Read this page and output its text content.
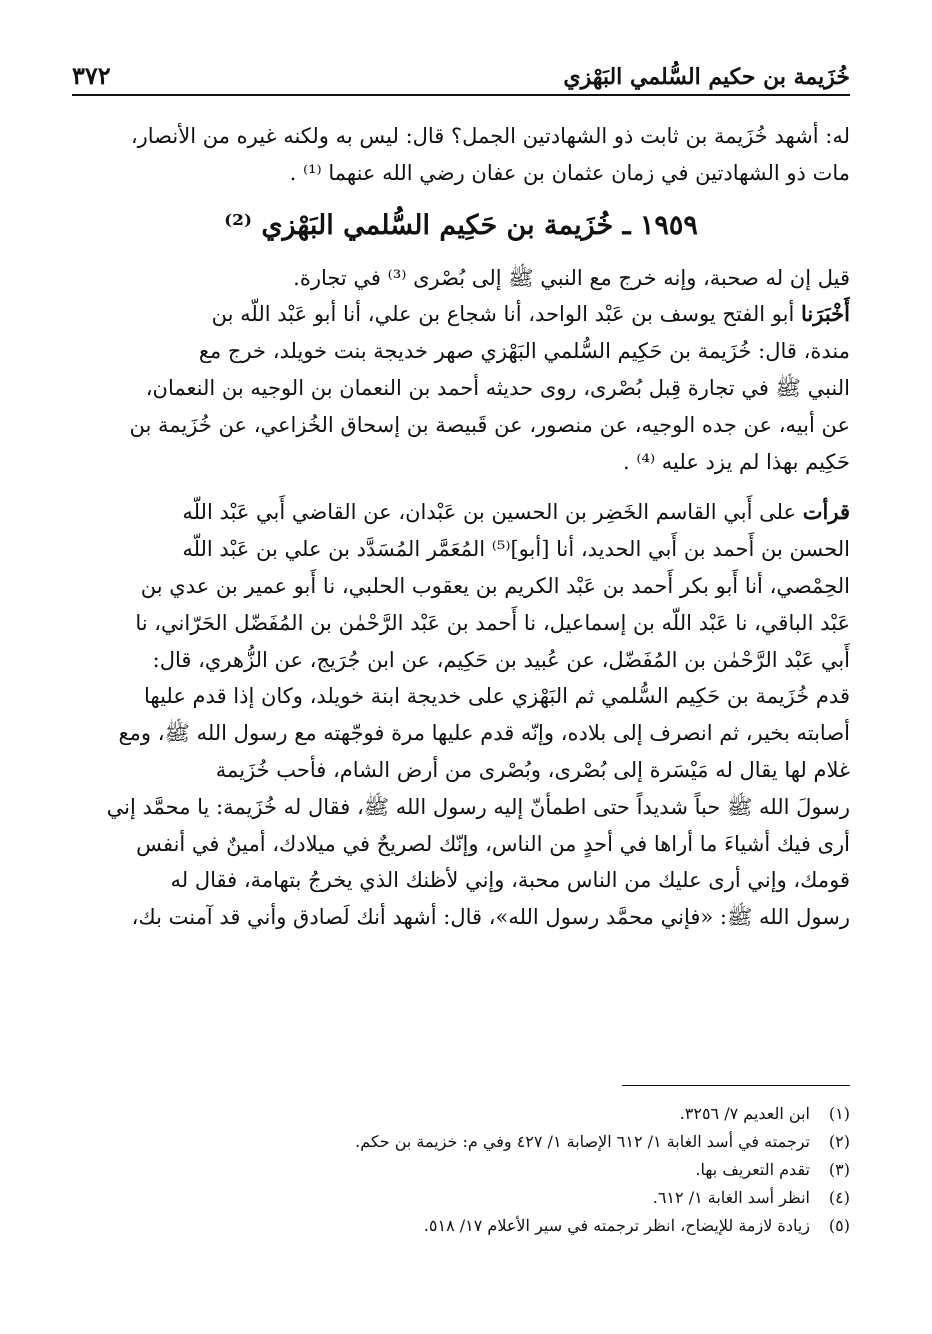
٣٧٢	خُزَيمة بن حكيم السُّلمي البَهْزي
له: أشهد خُزَيمة بن ثابت ذو الشهادتين الجمل؟ قال: ليس به ولكنه غيره من الأنصار،
مات ذو الشهادتين في زمان عثمان بن عفان رضي الله عنهما ⁽¹⁾ .
١٩٥٩ ـ خُزَيمة بن حَكِيم السُّلمي البَهْزي ⁽²⁾
قيل إن له صحبة، وإنه خرج مع النبي ﷺ إلى بُصْرى ⁽³⁾ في تجارة.
أَخْبَرَنا أبو الفتح يوسف بن عَبْد الواحد، أنا شجاع بن علي، أنا أبو عَبْد اللّه بن
مندة، قال: خُزَيمة بن حَكِيم السُّلمي البَهْزي صهر خديجة بنت خويلد، خرج مع
النبي ﷺ في تجارة قِبل بُصْرى، روى حديثه أحمد بن النعمان بن الوجيه بن النعمان،
عن أبيه، عن جده الوجيه، عن منصور، عن قَبيصة بن إسحاق الخُزاعي، عن خُزَيمة بن
حَكِيم بهذا لم يزد عليه ⁽⁴⁾ .
قرأت على أَبي القاسم الخَضِر بن الحسين بن عَبْدان، عن القاضي أَبي عَبْد اللّه
الحسن بن أَحمد بن أَبي الحديد، أنا [أبو]⁽⁵⁾ المُعَمَّر المُسَدَّد بن علي بن عَبْد اللّه
الحِمْصي، أنا أَبو بكر أَحمد بن عَبْد الكريم بن يعقوب الحلبي، نا أَبو عمير بن عدي بن
عَبْد الباقي، نا عَبْد اللّه بن إسماعيل، نا أَحمد بن عَبْد الرَّحْمٰن بن المُفَضّل الحَرّاني، نا
أَبي عَبْد الرَّحْمٰن بن المُفَضّل، عن عُبيد بن حَكِيم، عن ابن جُرَيج، عن الزُّهري، قال:
قدم خُزَيمة بن حَكِيم السُّلمي ثم البَهْزي على خديجة ابنة خويلد، وكان إذا قدم عليها
أصابته بخير، ثم انصرف إلى بلاده، وإنّه قدم عليها مرة فوجّهته مع رسول الله ﷺ، ومع
غلام لها يقال له مَيْسَرة إلى بُصْرى، وبُصْرى من أرض الشام، فأحب خُزَيمة
رسولَ الله ﷺ حباً شديداً حتى اطمأنّ إليه رسول الله ﷺ، فقال له خُزَيمة: يا محمَّد إني
أرى فيك أشياءَ ما أراها في أحدٍ من الناس، وإنّك لصريحٌ في ميلادك، أمينٌ في أنفس
قومك، وإني أرى عليك من الناس محبة، وإني لأظنك الذي يخرجُ بتهامة، فقال له
رسول الله ﷺ: «فإني محمَّد رسول الله»، قال: أشهد أنك لَصادق وأني قد آمنت بك،
(١)
ابن العديم ٧/ ٣٢٥٦.
(٢)
ترجمته في أسد الغابة ١/ ٦١٢ الإصابة ١/ ٤٢٧ وفي م: خزيمة بن حكم.
(٣)
تقدم التعريف بها.
(٤)
انظر أسد الغابة ١/ ٦١٢.
(٥)
زيادة لازمة للإيضاح، انظر ترجمته في سير الأعلام ١٧/ ٥١٨.
